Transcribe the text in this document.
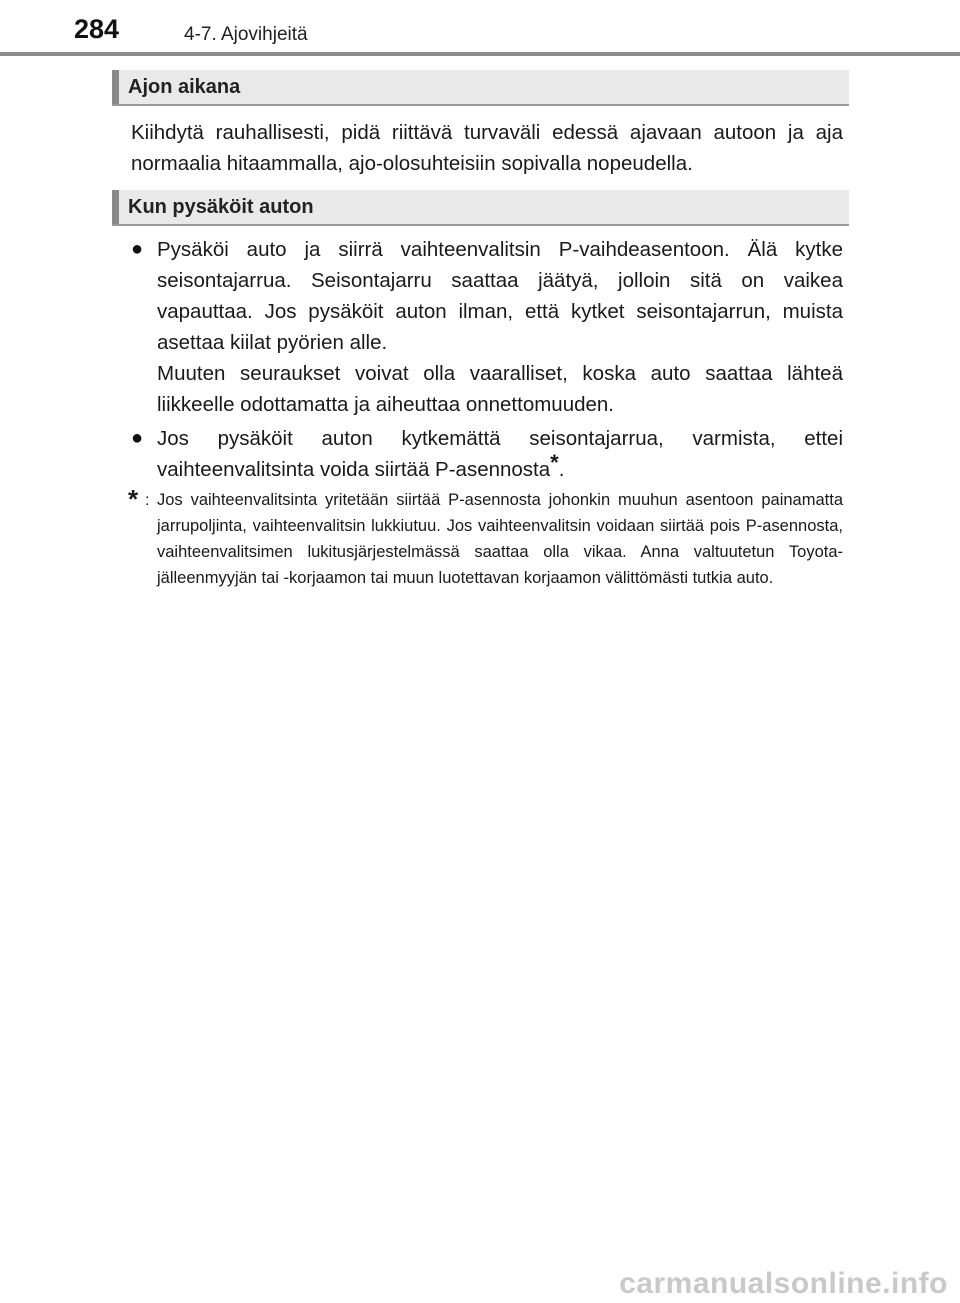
284	4-7. Ajovihjeitä
Ajon aikana
Kiihdytä rauhallisesti, pidä riittävä turvaväli edessä ajavaan autoon ja aja normaalia hitaammalla, ajo-olosuhteisiin sopivalla nopeudella.
Kun pysäköit auton
● Pysäköi auto ja siirrä vaihteenvalitsin P-vaihdeasentoon. Älä kytke seisontajarrua. Seisontajarru saattaa jäätyä, jolloin sitä on vaikea vapauttaa. Jos pysäköit auton ilman, että kytket seisontajarrun, muista asettaa kiilat pyörien alle.
Muuten seuraukset voivat olla vaaralliset, koska auto saattaa lähteä liikkeelle odottamatta ja aiheuttaa onnettomuuden.
● Jos pysäköit auton kytkemättä seisontajarrua, varmista, ettei vaihteenvalitsinta voida siirtää P-asennosta*.
* : Jos vaihteenvalitsinta yritetään siirtää P-asennosta johonkin muuhun asentoon painamatta jarrupoljinta, vaihteenvalitsin lukkiutuu. Jos vaihteenvalitsin voidaan siirtää pois P-asennosta, vaihteenvalitsimen lukitusjärjestelmässä saattaa olla vikaa. Anna valtuutetun Toyota-jälleenmyyjän tai -korjaamon tai muun luotettavan korjaamon välittömästi tutkia auto.
carmanualsonline.info
